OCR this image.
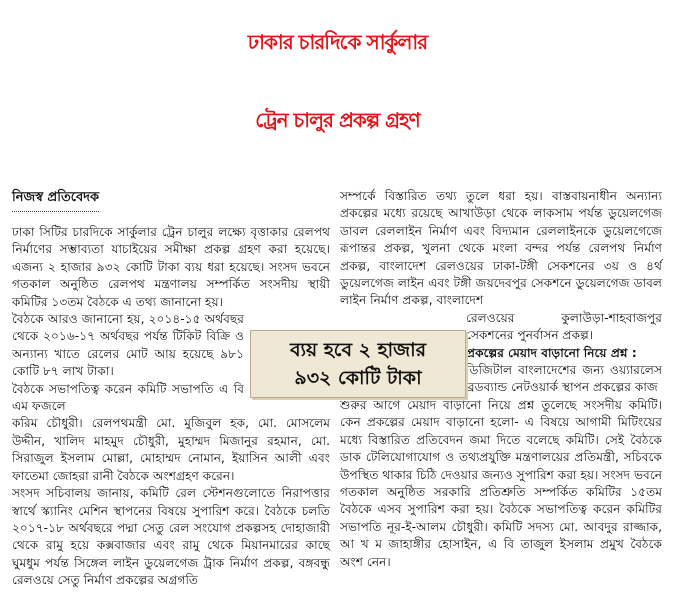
ঢাকার চারদিকে সার্কুলার
ট্রেন চালুর প্রকল্প গ্রহণ
নিজস্ব প্রতিবেদক

ঢাকা সিটির চারদিকে সার্কুলার ট্রেন চালুর লক্ষ্যে বৃত্তাকার রেলপথ নির্মাণের সম্ভাব্যতা যাচাইয়ের সমীক্ষা প্রকল্প গ্রহণ করা হয়েছে। এজন্য ২ হাজার ৯৩২ কোটি টাকা ব্যয় ধরা হয়েছে। সংসদ ভবনে গতকাল অনুষ্ঠিত রেলপথ মন্ত্রণালয় সম্পর্কিত সংসদীয় স্থায়ী কমিটির ১৩তম বৈঠকে এ তথ্য জানানো হয়।

বৈঠকে আরও জানানো হয়, ২০১৪-১৫ অর্থবছর থেকে ২০১৬-১৭ অর্থবছর পর্যন্ত টিকিট বিক্রি ও অন্যান্য খাতে রেলের মোট আয় হয়েছে ৯৮১ কোটি ৮৭ লাখ টাকা।

বৈঠকে সভাপতিত্ব করেন কমিটি সভাপতি এ বি এম ফজলে

করিম চৌধুরী। রেলপথমন্ত্রী মো. মুজিবুল হক, মো. মোসলেম উদ্দীন, খালিদ মাহমুদ চৌধুরী, মুহাম্মদ মিজানুর রহমান, মো. সিরাজুল ইসলাম মোল্লা, মোহাম্মদ নোমান, ইয়াসিন আলী এবং ফাতেমা জোহরা রানী বৈঠকে অংশগ্রহণ করেন।

সংসদ সচিবালয় জানায়, কমিটি রেল স্টেশনগুলোতে নিরাপত্তার স্বার্থে স্ক্যানিং মেশিন স্থাপনের বিষয়ে সুপারিশ করে। বৈঠকে চলতি ২০১৭-১৮ অর্থবছরে পদ্মা সেতু রেল সংযোগ প্রকল্পসহ দোহাজারী থেকে রামু হয়ে কক্সবাজার এবং রামু থেকে মিয়ানমারের কাছে ঘুমধুম পর্যন্ত সিঙ্গেল লাইন ডুয়েলগেজ ট্রাক নির্মাণ প্রকল্প, বঙ্গবন্ধু রেলওয়ে সেতু নির্মাণ প্রকল্পের অগ্রগতি

ব্যয় হবে ২ হাজার
৯৩২ কোটি টাকা

সম্পর্কে বিস্তারিত তথ্য তুলে ধরা হয়। বাস্তবায়নাধীন অন্যান্য প্রকল্পের মধ্যে রয়েছে আখাউড়া থেকে লাকসাম পর্যন্ত ডুয়েলগেজ ডাবল রেললাইন নির্মাণ এবং বিদ্যমান রেললাইনকে ডুয়েলগেজে রূপান্তর প্রকল্প, খুলনা থেকে মংলা বন্দর পর্যন্ত রেলপথ নির্মাণ প্রকল্প, বাংলাদেশ রেলওয়ের ঢাকা-টঙ্গী সেকশনের ৩য় ও ৪র্থ ডুয়েলগেজ লাইন এবং টঙ্গী জয়দেবপুর সেকশনে ডুয়েলগেজ ডাবল লাইন নির্মাণ প্রকল্প, বাংলাদেশ

রেলওয়ের কুলাউড়া-শাহবাজপুর সেকশনের পুনর্বাসন প্রকল্প।

প্রকল্পের মেয়াদ বাড়ানো নিয়ে প্রশ্ন :

ডিজিটাল বাংলাদেশের জন্য ওয়্যারলেস ব্রডব্যান্ড নেটওয়ার্ক স্থাপন প্রকল্পের কাজ

শুরুর আগে মেয়াদ বাড়ানো নিয়ে প্রশ্ন তুলেছে সংসদীয় কমিটি। কেন প্রকল্পের মেয়াদ বাড়ানো হলো- এ বিষয়ে আগামী মিটিংয়ের মধ্যে বিস্তারিত প্রতিবেদন জমা দিতে বলেছে কমিটি। সেই বৈঠকে ডাক টেলিযোগাযোগ ও তথ্যপ্রযুক্তি মন্ত্রণালয়ের প্রতিমন্ত্রী, সচিবকে উপস্থিত থাকার চিঠি দেওয়ার জন্যও সুপারিশ করা হয়। সংসদ ভবনে গতকাল অনুষ্ঠিত সরকারি প্রতিশ্রুতি সম্পর্কিত কমিটির ১৫তম বৈঠকে এসব সুপারিশ করা হয়। বৈঠকে সভাপতিত্ব করেন কমিটির সভাপতি নূর-ই-আলম চৌধুরী। কমিটি সদস্য মো. আবদুর রাজ্জাক, আ খ ম জাহাঙ্গীর হোসাইন, এ বি তাজুল ইসলাম প্রমুখ বৈঠকে অংশ নেন।
